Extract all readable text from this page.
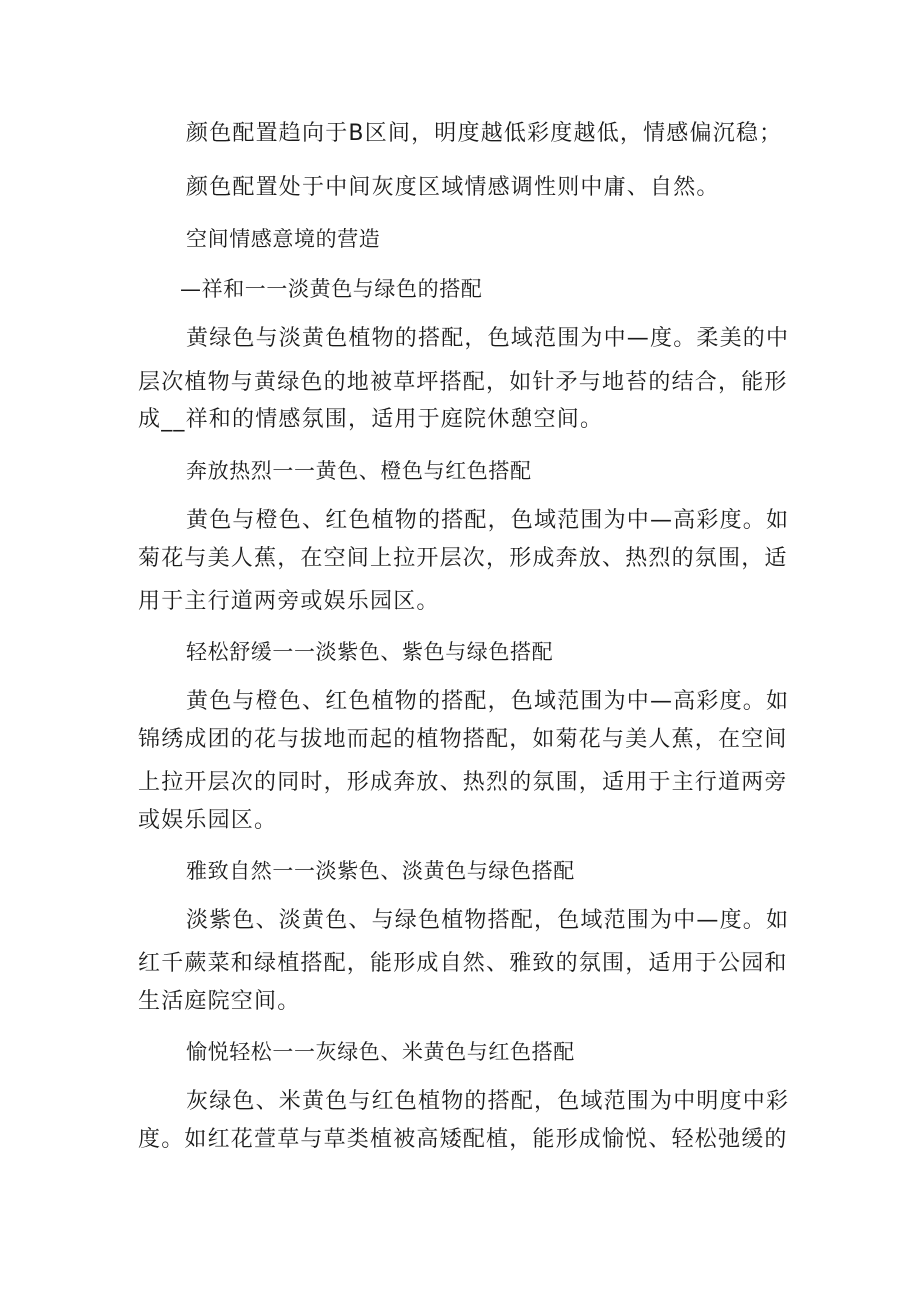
颜色配置趋向于B区间，明度越低彩度越低，情感偏沉稳；
颜色配置处于中间灰度区域情感调性则中庸、自然。
空间情感意境的营造
—祥和一一淡黄色与绿色的搭配
黄绿色与淡黄色植物的搭配，色域范围为中—度。柔美的中
层次植物与黄绿色的地被草坪搭配，如针矛与地苔的结合，能形
成__祥和的情感氛围，适用于庭院休憩空间。
奔放热烈一一黄色、橙色与红色搭配
黄色与橙色、红色植物的搭配，色域范围为中—高彩度。如
菊花与美人蕉，在空间上拉开层次，形成奔放、热烈的氛围，适
用于主行道两旁或娱乐园区。
轻松舒缓一一淡紫色、紫色与绿色搭配
黄色与橙色、红色植物的搭配，色域范围为中—高彩度。如
锦绣成团的花与拔地而起的植物搭配，如菊花与美人蕉，在空间
上拉开层次的同时，形成奔放、热烈的氛围，适用于主行道两旁
或娱乐园区。
雅致自然一一淡紫色、淡黄色与绿色搭配
淡紫色、淡黄色、与绿色植物搭配，色域范围为中—度。如
红千蕨菜和绿植搭配，能形成自然、雅致的氛围，适用于公园和
生活庭院空间。
愉悦轻松一一灰绿色、米黄色与红色搭配
灰绿色、米黄色与红色植物的搭配，色域范围为中明度中彩
度。如红花萱草与草类植被高矮配植，能形成愉悦、轻松弛缓的
